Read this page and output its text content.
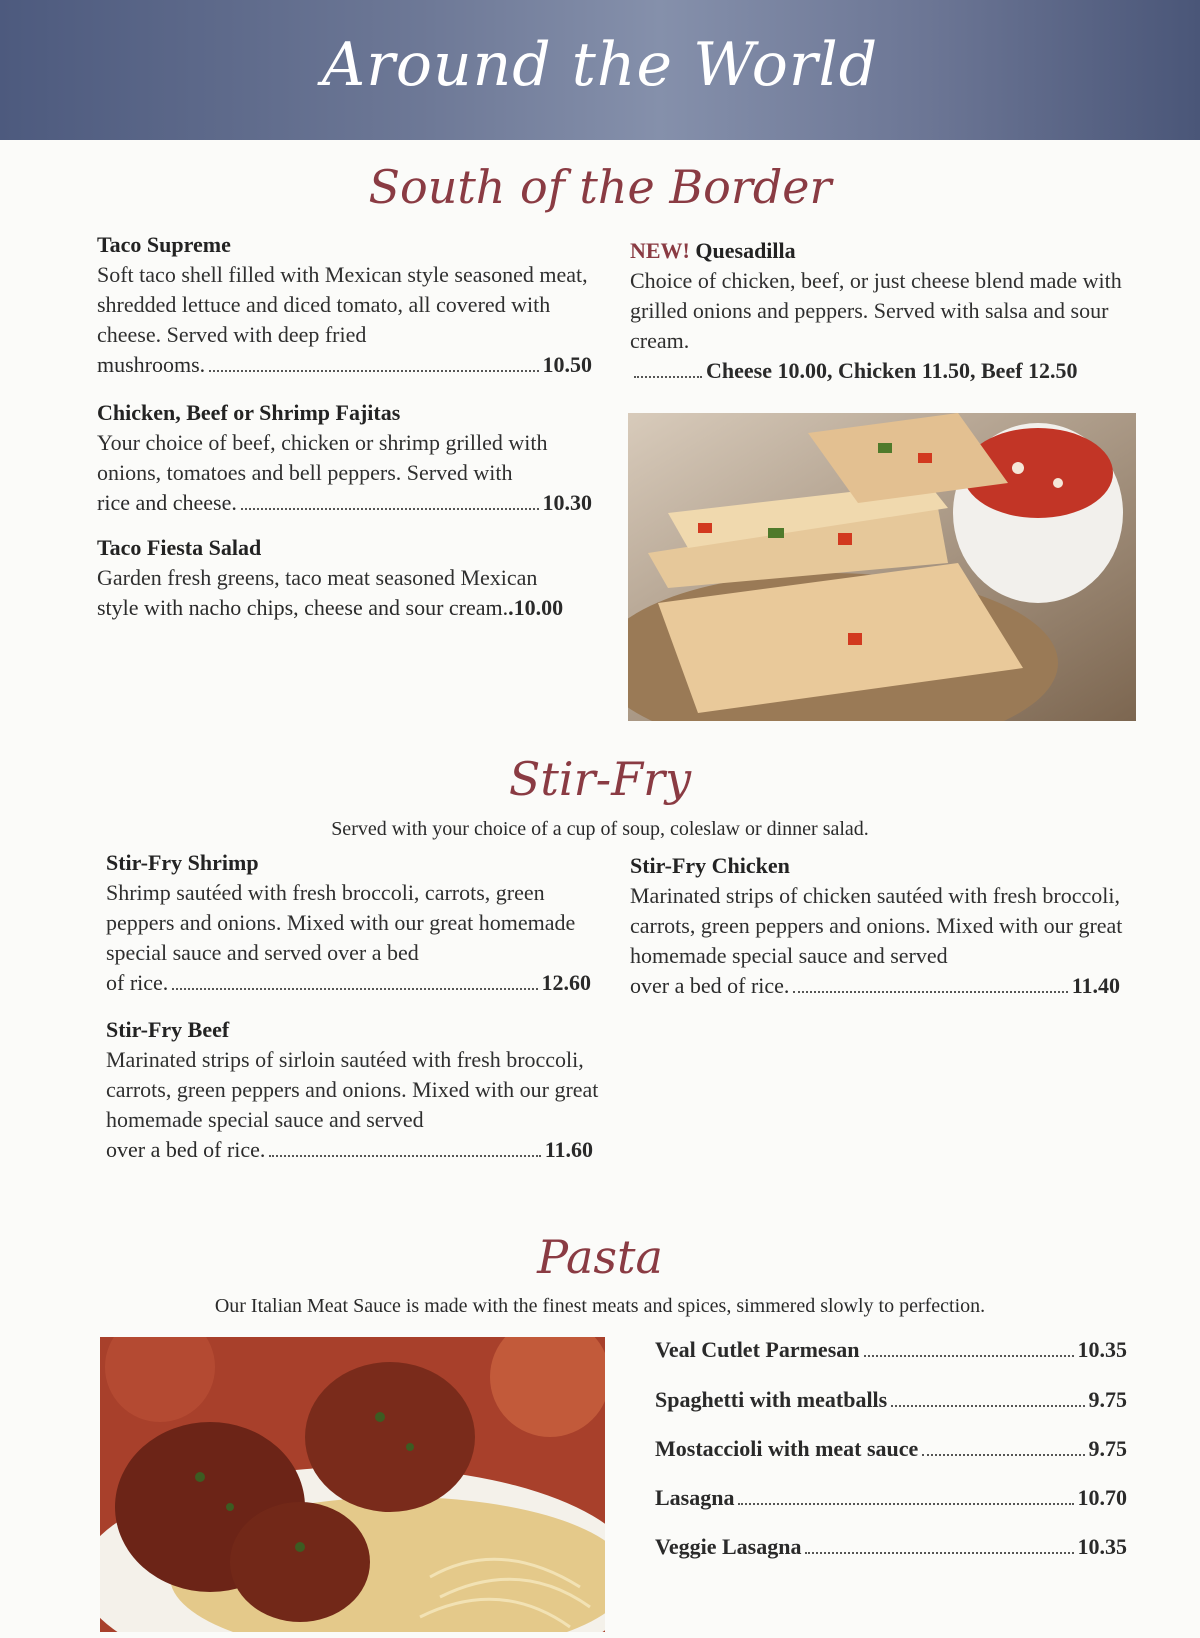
Around the World
South of the Border
Taco Supreme
Soft taco shell filled with Mexican style seasoned meat, shredded lettuce and diced tomato, all covered with cheese. Served with deep fried
mushrooms.	10.50
Chicken, Beef or Shrimp Fajitas
Your choice of beef, chicken or shrimp grilled with onions, tomatoes and bell peppers. Served with
rice and cheese.	10.30
Taco Fiesta Salad
Garden fresh greens, taco meat seasoned Mexican
style with nacho chips, cheese and sour cream. .10.00
NEW! Quesadilla
Choice of chicken, beef, or just cheese blend made with grilled onions and peppers. Served with salsa and sour cream.
Cheese 10.00, Chicken 11.50, Beef 12.50
Stir-Fry
Served with your choice of a cup of soup, coleslaw or dinner salad.
Stir-Fry Shrimp
Shrimp sautéed with fresh broccoli, carrots, green peppers and onions. Mixed with our great homemade special sauce and served over a bed
of rice.	12.60
Stir-Fry Chicken
Marinated strips of chicken sautéed with fresh broccoli, carrots, green peppers and onions. Mixed with our great homemade special sauce and served
over a bed of rice.	11.40
Stir-Fry Beef
Marinated strips of sirloin sautéed with fresh broccoli, carrots, green peppers and onions. Mixed with our great homemade special sauce and served
over a bed of rice.	11.60
Pasta
Our Italian Meat Sauce is made with the finest meats and spices, simmered slowly to perfection.
Veal Cutlet Parmesan	10.35
Spaghetti with meatballs	9.75
Mostaccioli with meat sauce	9.75
Lasagna	10.70
Veggie Lasagna	10.35
